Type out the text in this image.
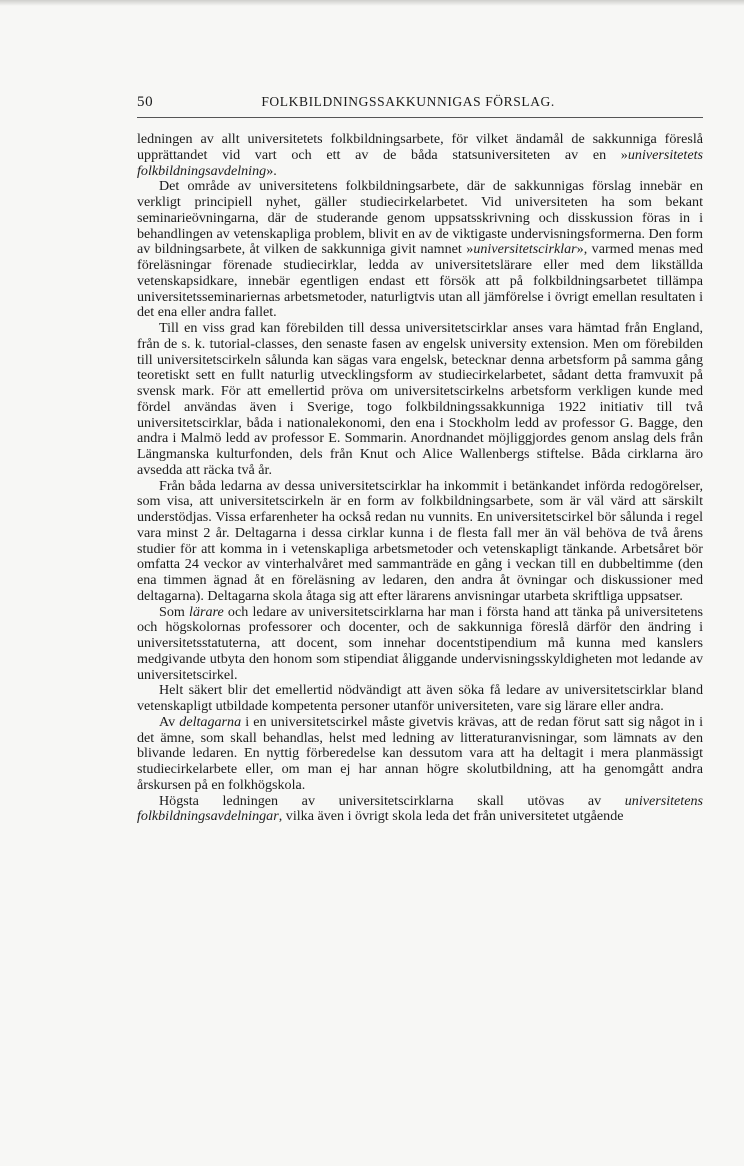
50	FOLKBILDNINGSSAKKUNNIGAS FÖRSLAG.

ledningen av allt universitetets folkbildningsarbete, för vilket ändamål de sakkunniga föreslå upprättandet vid vart och ett av de båda statsuniversiteten av en »universitetets folkbildningsavdelning».

Det område av universitetens folkbildningsarbete, där de sakkunnigas förslag innebär en verkligt principiell nyhet, gäller studiecirkelarbetet. Vid universiteten ha som bekant seminarieövningarna, där de studerande genom uppsatsskrivning och disskussion föras in i behandlingen av vetenskapliga problem, blivit en av de viktigaste undervisningsformerna. Den form av bildningsarbete, åt vilken de sakkunniga givit namnet »universitetscirklar», varmed menas med föreläsningar förenade studiecirklar, ledda av universitetslärare eller med dem likställda vetenskapsidkare, innebär egentligen endast ett försök att på folkbildningsarbetet tillämpa universitetsseminariernas arbetsmetoder, naturligtvis utan all jämförelse i övrigt emellan resultaten i det ena eller andra fallet.

Till en viss grad kan förebilden till dessa universitetscirklar anses vara hämtad från England, från de s. k. tutorial-classes, den senaste fasen av engelsk university extension. Men om förebilden till universitetscirkeln sålunda kan sägas vara engelsk, betecknar denna arbetsform på samma gång teoretiskt sett en fullt naturlig utvecklingsform av studiecirkelarbetet, sådant detta framvuxit på svensk mark. För att emellertid pröva om universitetscirkelns arbetsform verkligen kunde med fördel användas även i Sverige, togo folkbildningssakkunniga 1922 initiativ till två universitetscirklar, båda i nationalekonomi, den ena i Stockholm ledd av professor G. Bagge, den andra i Malmö ledd av professor E. Sommarin. Anordnandet möjliggjordes genom anslag dels från Längmanska kulturfonden, dels från Knut och Alice Wallenbergs stiftelse. Båda cirklarna äro avsedda att räcka två år.

Från båda ledarna av dessa universitetscirklar ha inkommit i betänkandet införda redogörelser, som visa, att universitetscirkeln är en form av folkbildningsarbete, som är väl värd att särskilt understödjas. Vissa erfarenheter ha också redan nu vunnits. En universitetscirkel bör sålunda i regel vara minst 2 år. Deltagarna i dessa cirklar kunna i de flesta fall mer än väl behöva de två årens studier för att komma in i vetenskapliga arbetsmetoder och vetenskapligt tänkande. Arbetsåret bör omfatta 24 veckor av vinterhalvåret med sammanträde en gång i veckan till en dubbeltimme (den ena timmen ägnad åt en föreläsning av ledaren, den andra åt övningar och diskussioner med deltagarna). Deltagarna skola åtaga sig att efter lärarens anvisningar utarbeta skriftliga uppsatser.

Som lärare och ledare av universitetscirklarna har man i första hand att tänka på universitetens och högskolornas professorer och docenter, och de sakkunniga föreslå därför den ändring i universitetsstatuterna, att docent, som innehar docentstipendium må kunna med kanslers medgivande utbyta den honom som stipendiat åliggande undervisningsskyldigheten mot ledande av universitetscirkel.

Helt säkert blir det emellertid nödvändigt att även söka få ledare av universitetscirklar bland vetenskapligt utbildade kompetenta personer utanför universiteten, vare sig lärare eller andra.

Av deltagarna i en universitetscirkel måste givetvis krävas, att de redan förut satt sig något in i det ämne, som skall behandlas, helst med ledning av litteraturanvisningar, som lämnats av den blivande ledaren. En nyttig förberedelse kan dessutom vara att ha deltagit i mera planmässigt studiecirkelarbete eller, om man ej har annan högre skolutbildning, att ha genomgått andra årskursen på en folkhögskola.

Högsta ledningen av universitetscirklarna skall utövas av universitetens folkbildningsavdelningar, vilka även i övrigt skola leda det från universitetet utgående
